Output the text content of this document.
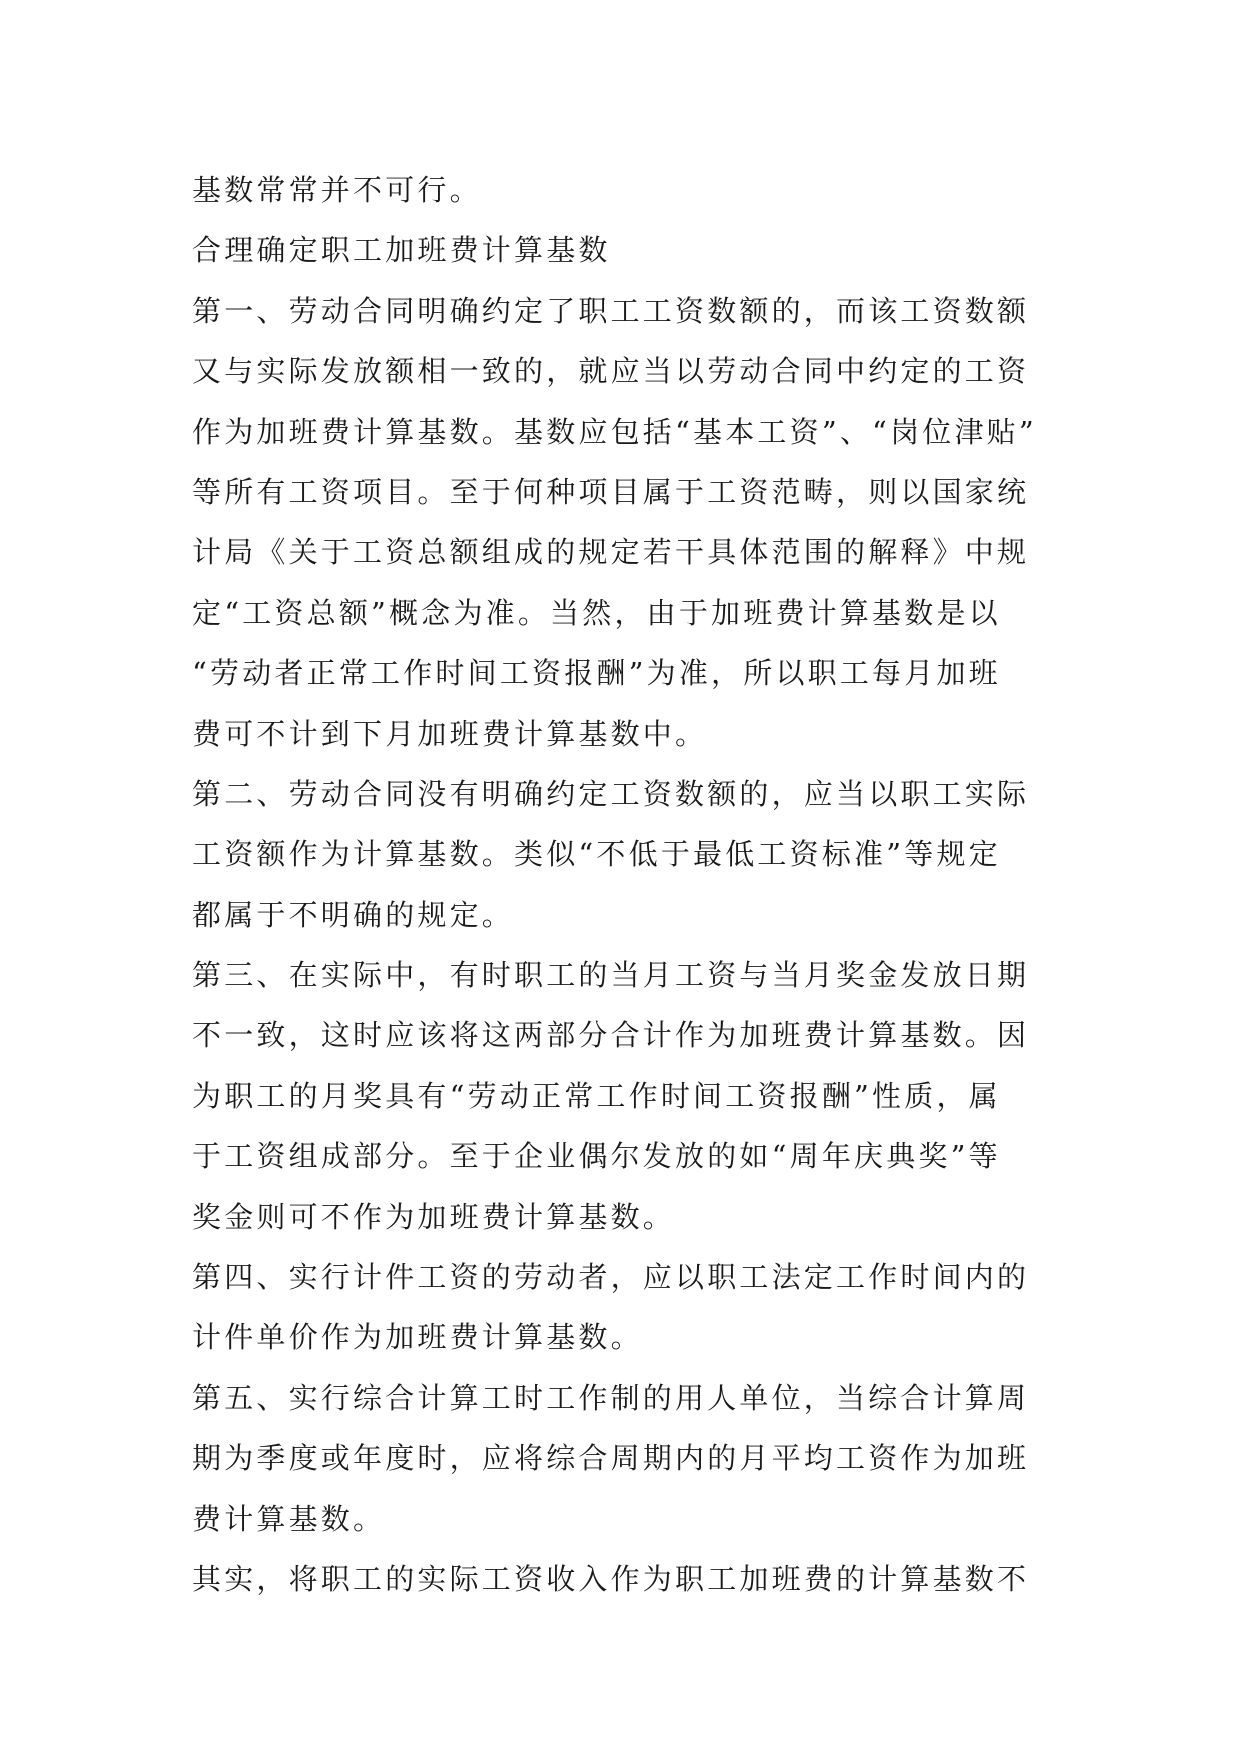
基数常常并不可行。
合理确定职工加班费计算基数
第一、劳动合同明确约定了职工工资数额的，而该工资数额
又与实际发放额相一致的，就应当以劳动合同中约定的工资
作为加班费计算基数。基数应包括“基本工资”、“岗位津贴”
等所有工资项目。至于何种项目属于工资范畴，则以国家统
计局《关于工资总额组成的规定若干具体范围的解释》中规
定“工资总额”概念为准。当然，由于加班费计算基数是以
“劳动者正常工作时间工资报酬”为准，所以职工每月加班
费可不计到下月加班费计算基数中。
第二、劳动合同没有明确约定工资数额的，应当以职工实际
工资额作为计算基数。类似“不低于最低工资标准”等规定
都属于不明确的规定。
第三、在实际中，有时职工的当月工资与当月奖金发放日期
不一致，这时应该将这两部分合计作为加班费计算基数。因
为职工的月奖具有“劳动正常工作时间工资报酬”性质，属
于工资组成部分。至于企业偶尔发放的如“周年庆典奖”等
奖金则可不作为加班费计算基数。
第四、实行计件工资的劳动者，应以职工法定工作时间内的
计件单价作为加班费计算基数。
第五、实行综合计算工时工作制的用人单位，当综合计算周
期为季度或年度时，应将综合周期内的月平均工资作为加班
费计算基数。
其实，将职工的实际工资收入作为职工加班费的计算基数不
